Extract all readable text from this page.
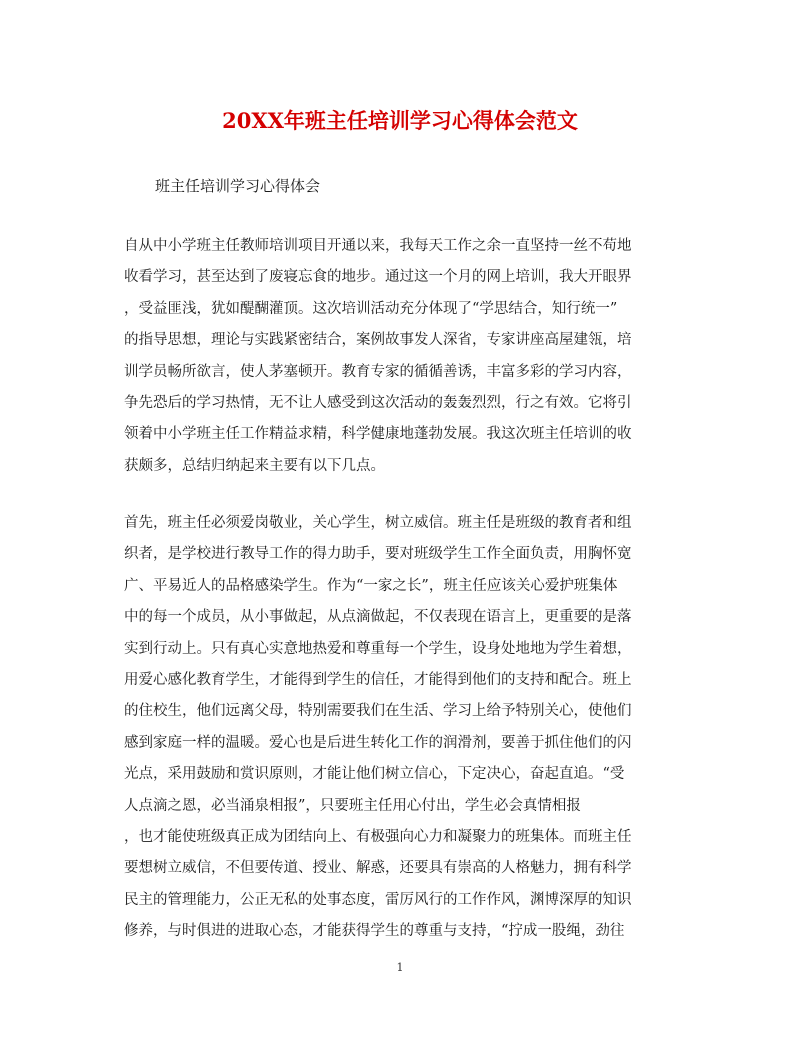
20XX年班主任培训学习心得体会范文

班主任培训学习心得体会

自从中小学班主任教师培训项目开通以来，我每天工作之余一直坚持一丝不苟地
收看学习，甚至达到了废寝忘食的地步。通过这一个月的网上培训，我大开眼界
，受益匪浅，犹如醍醐灌顶。这次培训活动充分体现了“学思结合，知行统一”
的指导思想，理论与实践紧密结合，案例故事发人深省，专家讲座高屋建瓴，培
训学员畅所欲言，使人茅塞顿开。教育专家的循循善诱，丰富多彩的学习内容，
争先恐后的学习热情，无不让人感受到这次活动的轰轰烈烈，行之有效。它将引
领着中小学班主任工作精益求精，科学健康地蓬勃发展。我这次班主任培训的收
获颇多，总结归纳起来主要有以下几点。
首先，班主任必须爱岗敬业，关心学生，树立威信。班主任是班级的教育者和组
织者，是学校进行教导工作的得力助手，要对班级学生工作全面负责，用胸怀宽
广、平易近人的品格感染学生。作为“一家之长”，班主任应该关心爱护班集体
中的每一个成员，从小事做起，从点滴做起，不仅表现在语言上，更重要的是落
实到行动上。只有真心实意地热爱和尊重每一个学生，设身处地地为学生着想，
用爱心感化教育学生，才能得到学生的信任，才能得到他们的支持和配合。班上
的住校生，他们远离父母，特别需要我们在生活、学习上给予特别关心，使他们
感到家庭一样的温暖。爱心也是后进生转化工作的润滑剂，要善于抓住他们的闪
光点，采用鼓励和赏识原则，才能让他们树立信心，下定决心，奋起直追。“受
人点滴之恩，必当涌泉相报”，只要班主任用心付出，学生必会真情相报
，也才能使班级真正成为团结向上、有极强向心力和凝聚力的班集体。而班主任
要想树立威信，不但要传道、授业、解惑，还要具有崇高的人格魅力，拥有科学
民主的管理能力，公正无私的处事态度，雷厉风行的工作作风，渊博深厚的知识
修养，与时俱进的进取心态，才能获得学生的尊重与支持，“拧成一股绳，劲往
1
